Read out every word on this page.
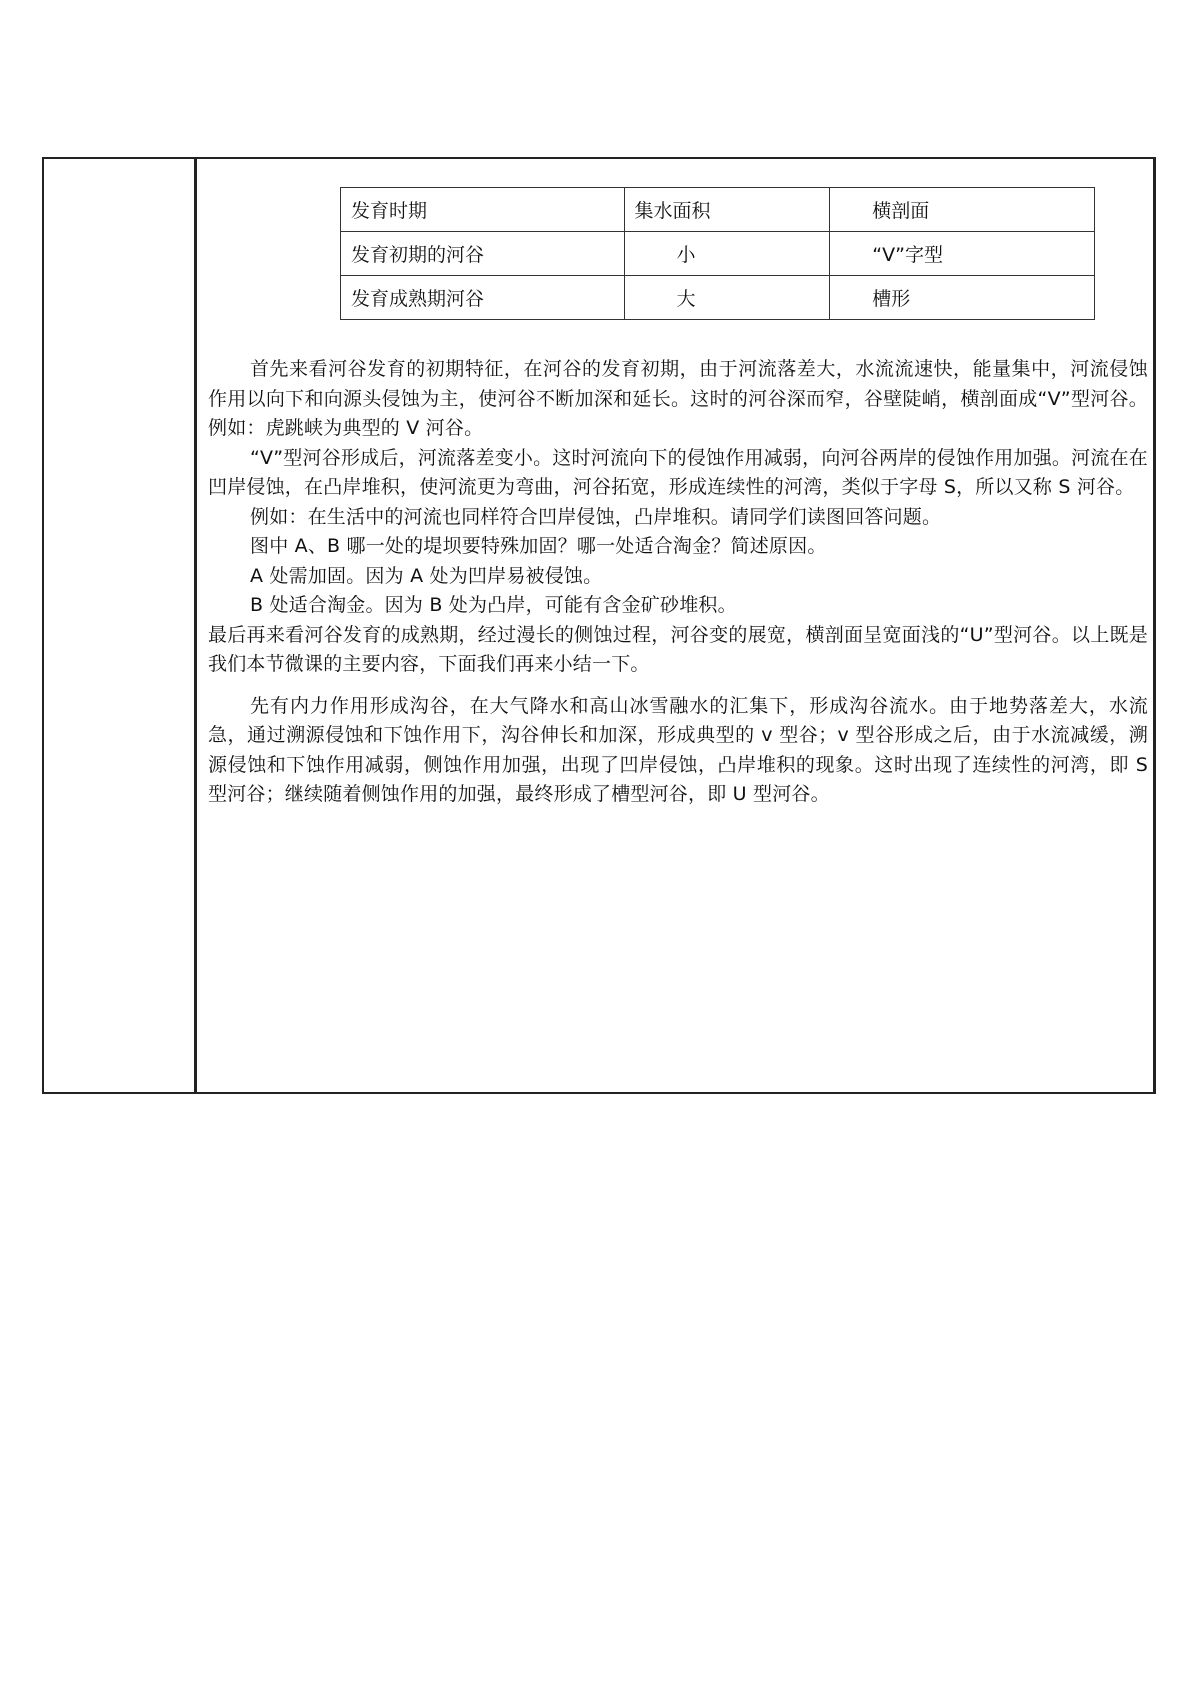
发育时期	集水面积	横剖面
发育初期的河谷	小	“V”字型
发育成熟期河谷	大	槽形

首先来看河谷发育的初期特征，在河谷的发育初期，由于河流落差大，水流流速快，能量集中，河流侵蚀作用以向下和向源头侵蚀为主，使河谷不断加深和延长。这时的河谷深而窄，谷壁陡峭，横剖面成“V”型河谷。例如：虎跳峡为典型的 V 河谷。

“V”型河谷形成后，河流落差变小。这时河流向下的侵蚀作用减弱，向河谷两岸的侵蚀作用加强。河流在在凹岸侵蚀，在凸岸堆积，使河流更为弯曲，河谷拓宽，形成连续性的河湾，类似于字母 S，所以又称 S 河谷。

例如：在生活中的河流也同样符合凹岸侵蚀，凸岸堆积。请同学们读图回答问题。

图中 A、B 哪一处的堤坝要特殊加固？哪一处适合淘金？简述原因。

A 处需加固。因为 A 处为凹岸易被侵蚀。

B 处适合淘金。因为 B 处为凸岸，可能有含金矿砂堆积。

最后再来看河谷发育的成熟期，经过漫长的侧蚀过程，河谷变的展宽，横剖面呈宽面浅的“U”型河谷。以上既是我们本节微课的主要内容，下面我们再来小结一下。

先有内力作用形成沟谷，在大气降水和高山冰雪融水的汇集下，形成沟谷流水。由于地势落差大，水流急，通过溯源侵蚀和下蚀作用下，沟谷伸长和加深，形成典型的 v 型谷；v 型谷形成之后，由于水流减缓，溯源侵蚀和下蚀作用减弱，侧蚀作用加强，出现了凹岸侵蚀，凸岸堆积的现象。这时出现了连续性的河湾，即 S 型河谷；继续随着侧蚀作用的加强，最终形成了槽型河谷，即 U 型河谷。
